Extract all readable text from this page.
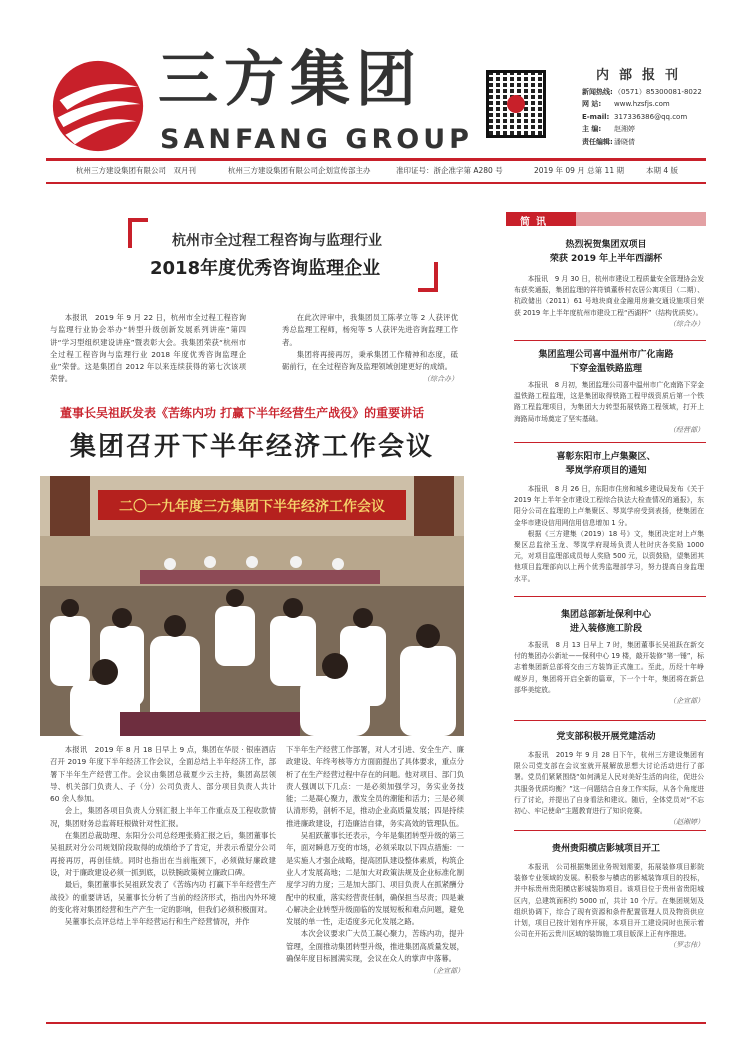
三方集团
SANFANG GROUP
内部报刊
新闻热线:（0571）85300081-8022
网 站: www.hzsfjs.com
E-mail: 317336386@qq.com
主 编: 赵湘婷
责任编辑:潘晓倩
杭州三方建设集团有限公司　双月刊	杭州三方建设集团有限公司企划宣传部主办	准印证号：浙企准字第 A280 号	2019 年 09 月 总第 11 期	本期 4 版
杭州市全过程工程咨询与监理行业
2018年度优秀咨询监理企业

本报讯　2019 年 9 月 22 日，杭州市全过程工程咨询与监理行业协会举办“转型升级创新发展系列讲座”第四讲“学习型组织建设讲座”暨表彰大会。我集团荣获“杭州市全过程工程咨询与监理行业 2018 年度优秀咨询监理企业”荣誉。这是集团自 2012 年以来连续获得的第七次该项荣誉。

在此次评审中，我集团员工陈孝立等 2 人获评优秀总监理工程师，杨宛等 5 人获评先进咨询监理工作者。

集团将再接再厉，秉承集团工作精神和态度，砥砺前行，在全过程咨询及监理领域创建更好的成绩。

（综合办）
董事长吴祖跃发表《苦练内功 打赢下半年经营生产战役》的重要讲话
集团召开下半年经济工作会议
二〇一九年度三方集团下半年经济工作会议

本报讯　2019 年 8 月 18 日早上 9 点，集团在华辰 · 银座酒店召开 2019 年度下半年经济工作会议，全面总结上半年经济工作，部署下半年生产经营工作。会议由集团总裁夏少云主持，集团高层领导、机关部门负责人、子（分）公司负责人、部分项目负责人共计 60 余人参加。

会上，集团各项目负责人分别汇报上半年工作重点及工程收款情况，集团财务总监蒋旺根做针对性汇报。

在集团总裁助理、东阳分公司总经理张骑汇报之后，集团董事长吴祖跃对分公司规划阶段取得的成绩给予了肯定，并表示希望分公司再接再厉，再创佳绩。同时也指出在当前瓶颈下，必须做好廉政建设，对于廉政建设必须一抓到底，以铁腕政策树立廉政口碑。

最后，集团董事长吴祖跃发表了《苦练内功 打赢下半年经营生产战役》的重要讲话，吴董事长分析了当前的经济形式，指出內外环境的变化将对集团经营和生产产生一定的影响，但我们必须积极面对。

吴董事长点评总结上半年经营运行和生产经营情况，并作

下半年生产经营工作部署，对人才引进、安全生产、廉政建设、年终考核等方方面面提出了具体要求，重点分析了在生产经营过程中存在的问题。他对项目、部门负责人强调以下几点：一是必须加强学习，务实业务技能；二是凝心聚力，激发全员的潮能和活力；三是必须认清形势，剖析不足，推动企业高质量发展；四是持续推进廉政建设，打造廉洁自律，务实高效的管理队伍。

吴祖跃董事长还表示，今年是集团转型升级的第三年，面对瞬息万变的市场，必须采取以下四点措施：一是实施人才强企战略，提高团队建设整体素质，构筑企业人才发展高地；二是加大对政策法规及企业标准化制度学习的力度；三是加大部门、项目负责人在抓紧酬分配中的权重，落实经营责任制，确保担当尽责；四是兼心解决企业转型升级面临的发展短板和难点问题，避免发展的单一性，走适度多元化发展之路。

本次会议要求广大员工凝心聚力，苦练内功，提升管理，全面推动集团转型升级，推进集团高质量发展，确保年度目标圆满实现，会议在众人的掌声中落幕。

（企宣部）
简讯
热烈祝贺集团双项目
荣获 2019 年上半年西湖杯

本报讯　9 月 30 日，杭州市建设工程质量安全管理协会发布获奖通报，集团监理的祥符镇董桥村农居公寓项目（二期）、杭政储出（2011）61 号地块商业金融用房兼交通设施项目荣获 2019 年上半年度杭州市建设工程“西湖杯”（结构优质奖）。

（综合办）
集团监理公司喜中温州市广化南路
下穿金温铁路监理

本报讯　8 月初，集团监理公司喜中温州市广化南路下穿金温铁路工程监理，这是集团取得铁路工程甲级资质后第一个铁路工程监理项目，为集团大力转型拓展铁路工程领域，打开上海路局市场奠定了坚实基础。

（经营部）
喜彰东阳市上卢集聚区、
琴岚学府项目的通知

本报讯　8 月 26 日，东阳市住房和城乡建设局发布《关于 2019 年上半年全市建设工程综合执法大检查情况的通报》，东阳分公司在监理的上卢集聚区、琴岚学府受到表扬，使集团在金华市建设信用网信用信息增加 1 分。

根据《三方建集（2019）18 号》文，集团决定对上卢集聚区总监徐玉龙、琴岚学府现场负责人杜时庆各奖励 1000 元，对项目监理部成员每人奖励 500 元，以资鼓励，望集团其他项目监理部向以上两个优秀监理部学习，努力提高自身监理水平。

集团总部新址保利中心
进入装修施工阶段

本报讯　8 月 13 日早上 7 时，集团董事长吴祖跃在新交付的集团办公新址——保利中心 19 楼，敲开装修“第一锤”，标志着集团新总部将交由三方装饰正式施工。至此，历经十年峥嵘岁月，集团将开启全新的篇章，下一个十年，集团将在新总部华美绽放。

（企宣部）
党支部积极开展党建活动

本报讯　2019 年 9 月 28 日下午，杭州三方建设集团有限公司党支部在会议室就开展解放思想大讨论活动进行了部署。党员们紧紧围绕“如何满足人民对美好生活的向往，促进公共服务优质均衡？”这一问题结合自身工作实际，从各个角度进行了讨论，并提出了自身看法和建议。随后，全体党员对“不忘初心、牢记使命”主题教育进行了知识竞赛。

（赵湘婷）
贵州贵阳横店影城项目开工

本报讯　公司根据集团业务规划需要，拓展装修项目影院装修专业领域的发展。积极参与横店的影城装饰项目的投标，并中标贵州贵阳横店影城装饰项目。该项目位于贵州省贵阳城区内，总建筑面积约 5000 ㎡，共计 10 个厅。在集团规划及组织协调下，综合了现有资源和条件配置管理人员及物资供应计划，项目已按计划有序开展，本项目开工建设同时也预示着公司在开拓云贵川区域的装饰施工项目版深上正有序推进。

（罗志伟）
